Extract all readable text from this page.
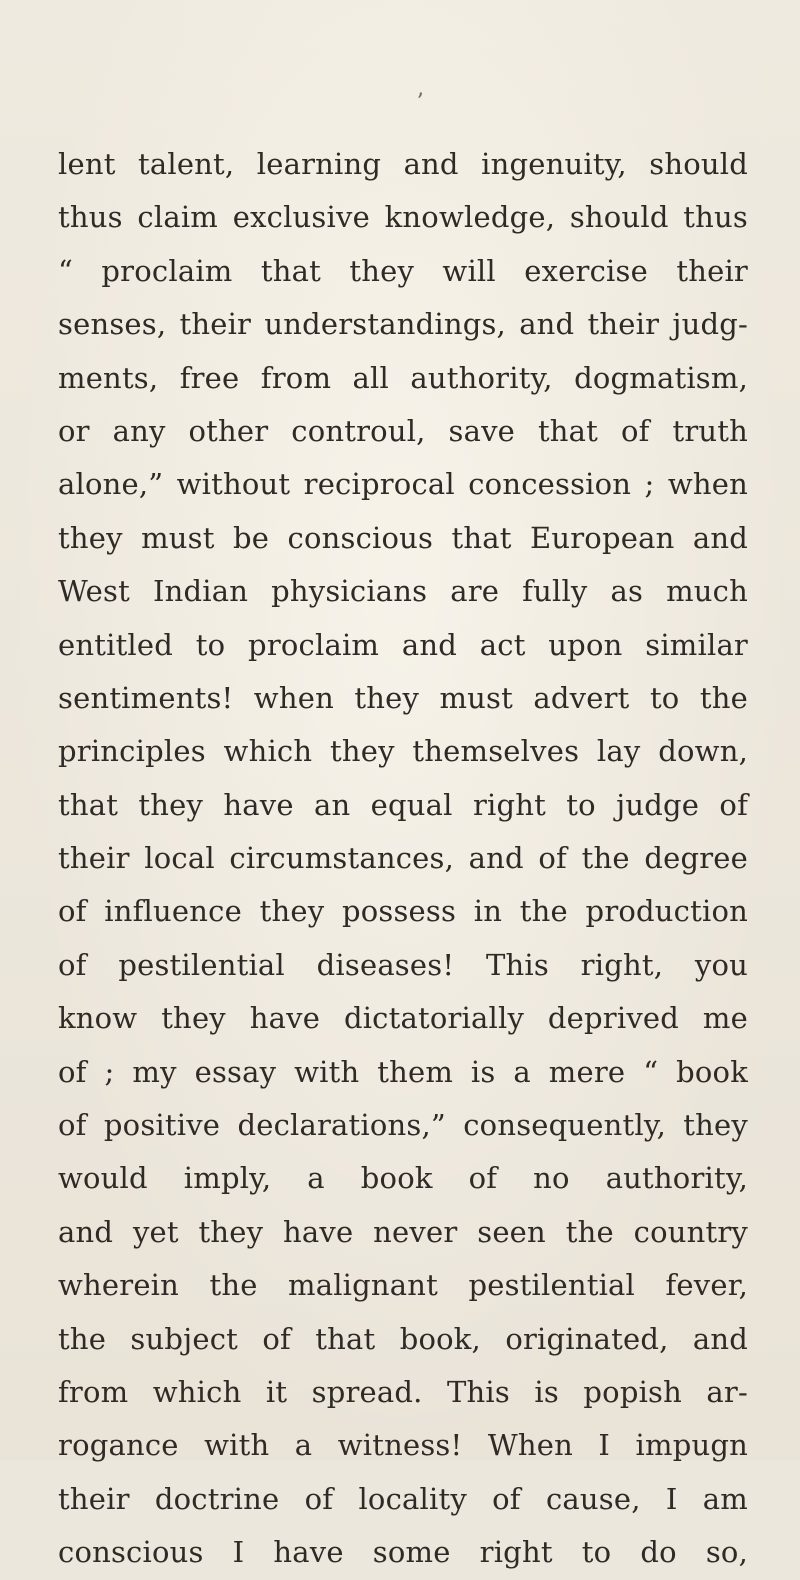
ʼ
lent talent, learning and ingenuity, should
thus claim exclusive knowledge, should thus
“ proclaim that they will exercise their
senses, their understandings, and their judg-
ments, free from all authority, dogmatism,
or any other controul, save that of truth
alone,” without reciprocal concession ; when
they must be conscious that European and
West Indian physicians are fully as much
entitled to proclaim and act upon similar
sentiments! when they must advert to the
principles which they themselves lay down,
that they have an equal right to judge of
their local circumstances, and of the degree
of influence they possess in the production
of pestilential diseases! This right, you
know they have dictatorially deprived me
of ; my essay with them is a mere “ book
of positive declarations,” consequently, they
would imply, a book of no authority,
and yet they have never seen the country
wherein the malignant pestilential fever,
the subject of that book, originated, and
from which it spread. This is popish ar-
rogance with a witness! When I impugn
their doctrine of locality of cause, I am
conscious I have some right to do so,
